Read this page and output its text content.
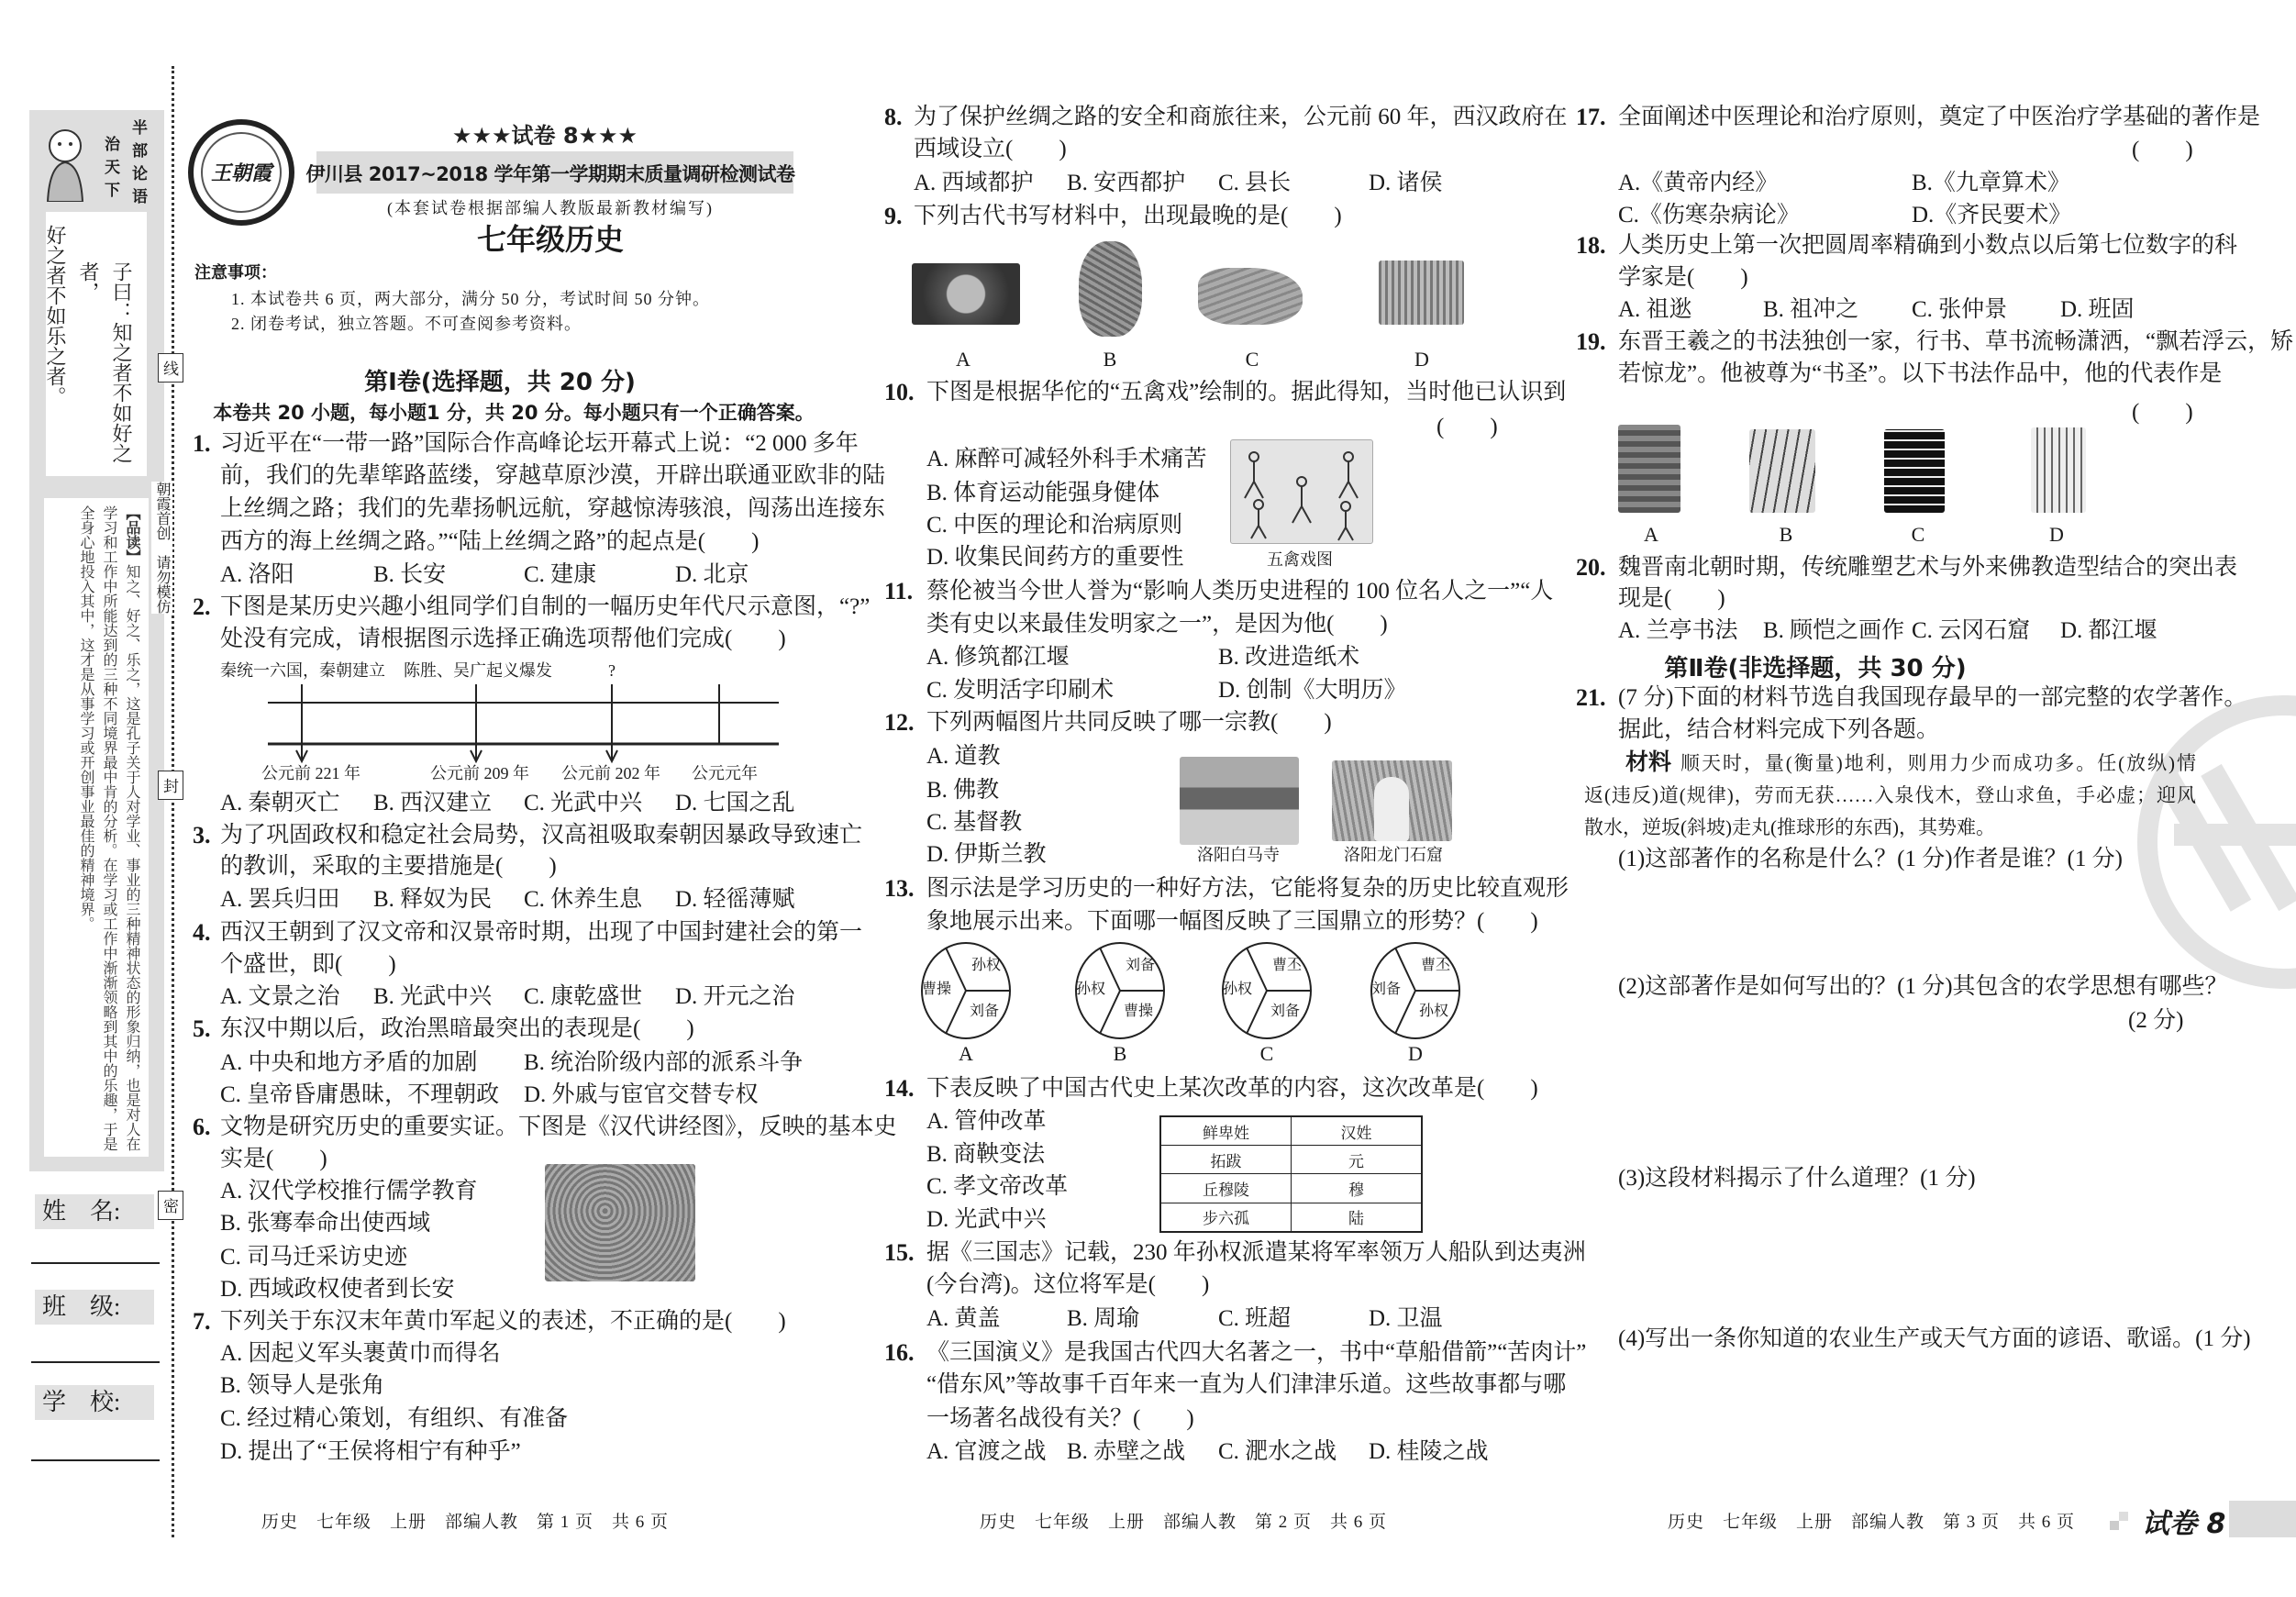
半部论语
治天下
子曰：知之者不如好之者，
好之者不如乐之者。
【品读】知之、好之、乐之，这是孔子关于人对学业、事业的三种精神状态的形象归纳，也是对人在学习和工作中所能达到的三种不同境界最中肯的分析。在学习或工作中渐渐领略到其中的乐趣，于是全身心地投入其中，这才是从事学习或开创事业最佳的精神境界。	朝霞首创　请勿模仿
线
封
密
姓　名:
班　级:
学　校:
王朝霞
★★★试卷 8★★★
伊川县 2017~2018 学年第一学期期末质量调研检测试卷
(本套试卷根据部编人教版最新教材编写)
七年级历史
注意事项：
1. 本试卷共 6 页，两大部分，满分 50 分，考试时间 50 分钟。
2. 闭卷考试，独立答题。不可查阅参考资料。
第Ⅰ卷(选择题，共 20 分)
本卷共 20 小题，每小题1 分，共 20 分。每小题只有一个正确答案。
鲜卑姓	汉姓
拓跋	元
丘穆陵	穆
步六孤	陆
试卷 8
历史　七年级　上册　部编人教　第 1 页　共 6 页	历史　七年级　上册　部编人教　第 2 页　共 6 页	历史　七年级　上册　部编人教　第 3 页　共 6 页
1. 习近平在“一带一路”国际合作高峰论坛开幕式上说：“2 000 多年
前，我们的先辈筚路蓝缕，穿越草原沙漠，开辟出联通亚欧非的陆
上丝绸之路；我们的先辈扬帆远航，穿越惊涛骇浪，闯荡出连接东
西方的海上丝绸之路。”“陆上丝绸之路”的起点是(　　)
A. 洛阳	B. 长安	C. 建康	D. 北京
2. 下图是某历史兴趣小组同学们自制的一幅历史年代尺示意图，“?”
处没有完成，请根据图示选择正确选项帮他们完成(　　)
A. 秦朝灭亡 B. 西汉建立 C. 光武中兴 D. 七国之乱
3. 为了巩固政权和稳定社会局势，汉高祖吸取秦朝因暴政导致速亡
的教训，采取的主要措施是(　　)
A. 罢兵归田 B. 释奴为民 C. 休养生息 D. 轻徭薄赋
4. 西汉王朝到了汉文帝和汉景帝时期，出现了中国封建社会的第一
个盛世，即(　　)
A. 文景之治 B. 光武中兴 C. 康乾盛世 D. 开元之治
5. 东汉中期以后，政治黑暗最突出的表现是(　　)
A. 中央和地方矛盾的加剧 B. 统治阶级内部的派系斗争
C. 皇帝昏庸愚昧，不理朝政 D. 外戚与宦官交替专权
6. 文物是研究历史的重要实证。下图是《汉代讲经图》，反映的基本史
实是(　　)
A. 汉代学校推行儒学教育
B. 张骞奉命出使西域
C. 司马迁采访史迹
D. 西域政权使者到长安
7. 下列关于东汉末年黄巾军起义的表述，不正确的是(　　)
A. 因起义军头裹黄巾而得名
B. 领导人是张角
C. 经过精心策划，有组织、有准备
D. 提出了“王侯将相宁有种乎”
8. 为了保护丝绸之路的安全和商旅往来，公元前 60 年，西汉政府在
西域设立(　　)
A. 西域都护 B. 安西都护 C. 县长	D. 诸侯
9. 下列古代书写材料中，出现最晚的是(　　)
10. 下图是根据华佗的“五禽戏”绘制的。据此得知，当时他已认识到
(　　)
A. 麻醉可减轻外科手术痛苦
B. 体育运动能强身健体
C. 中医的理论和治病原则
D. 收集民间药方的重要性
11. 蔡伦被当今世人誉为“影响人类历史进程的 100 位名人之一”“人
类有史以来最佳发明家之一”，是因为他(　　)
A. 修筑都江堰	B. 改进造纸术
C. 发明活字印刷术	D. 创制《大明历》
12. 下列两幅图片共同反映了哪一宗教(　　)
A. 道教
B. 佛教
C. 基督教
D. 伊斯兰教
13. 图示法是学习历史的一种好方法，它能将复杂的历史比较直观形
象地展示出来。下面哪一幅图反映了三国鼎立的形势？(　　)
14. 下表反映了中国古代史上某次改革的内容，这次改革是(　　)
A. 管仲改革
B. 商鞅变法
C. 孝文帝改革
D. 光武中兴
15. 据《三国志》记载，230 年孙权派遣某将军率领万人船队到达夷洲
(今台湾)。这位将军是(　　)
A. 黄盖	B. 周瑜	C. 班超	D. 卫温
16. 《三国演义》是我国古代四大名著之一，书中“草船借箭”“苦肉计”
“借东风”等故事千百年来一直为人们津津乐道。这些故事都与哪
一场著名战役有关？(　　)
A. 官渡之战 B. 赤壁之战 C. 淝水之战 D. 桂陵之战
17. 全面阐述中医理论和治疗原则，奠定了中医治疗学基础的著作是
(　　)
A.《黄帝内经》	B.《九章算术》
C.《伤寒杂病论》	D.《齐民要术》
18. 人类历史上第一次把圆周率精确到小数点以后第七位数字的科
学家是(　　)
A. 祖逖	B. 祖冲之 C. 张仲景 D. 班固
19. 东晋王羲之的书法独创一家，行书、草书流畅潇洒，“飘若浮云，矫
若惊龙”。他被尊为“书圣”。以下书法作品中，他的代表作是
(　　)
20. 魏晋南北朝时期，传统雕塑艺术与外来佛教造型结合的突出表
现是(　　)
A. 兰亭书法 B. 顾恺之画作 C. 云冈石窟 D. 都江堰
21. (7 分)下面的材料节选自我国现存最早的一部完整的农学著作。
据此，结合材料完成下列各题。
秦统一六国，秦朝建立 陈胜、吴广起义爆发	?
公元前 221 年	公元前 209 年 公元前 202 年 公元元年
A	B	C	D
五禽戏图
洛阳白马寺	洛阳龙门石窟
曹操
孙权
刘备
A
孙权
刘备
曹操
B
孙权
曹丕
刘备
C
刘备
曹丕
孙权
D
A	B	C	D
第Ⅱ卷(非选择题，共 30 分)
材料 顺天时，量(衡量)地利，则用力少而成功多。任(放纵)情
返(违反)道(规律)，劳而无获……入泉伐木，登山求鱼，手必虚；迎风
散水，逆坂(斜坡)走丸(推球形的东西)，其势难。
(1)这部著作的名称是什么？(1 分)作者是谁？(1 分)
(2)这部著作是如何写出的？(1 分)其包含的农学思想有哪些？
(3)这段材料揭示了什么道理？(1 分)
(4)写出一条你知道的农业生产或天气方面的谚语、歌谣。(1 分)
(2 分)
